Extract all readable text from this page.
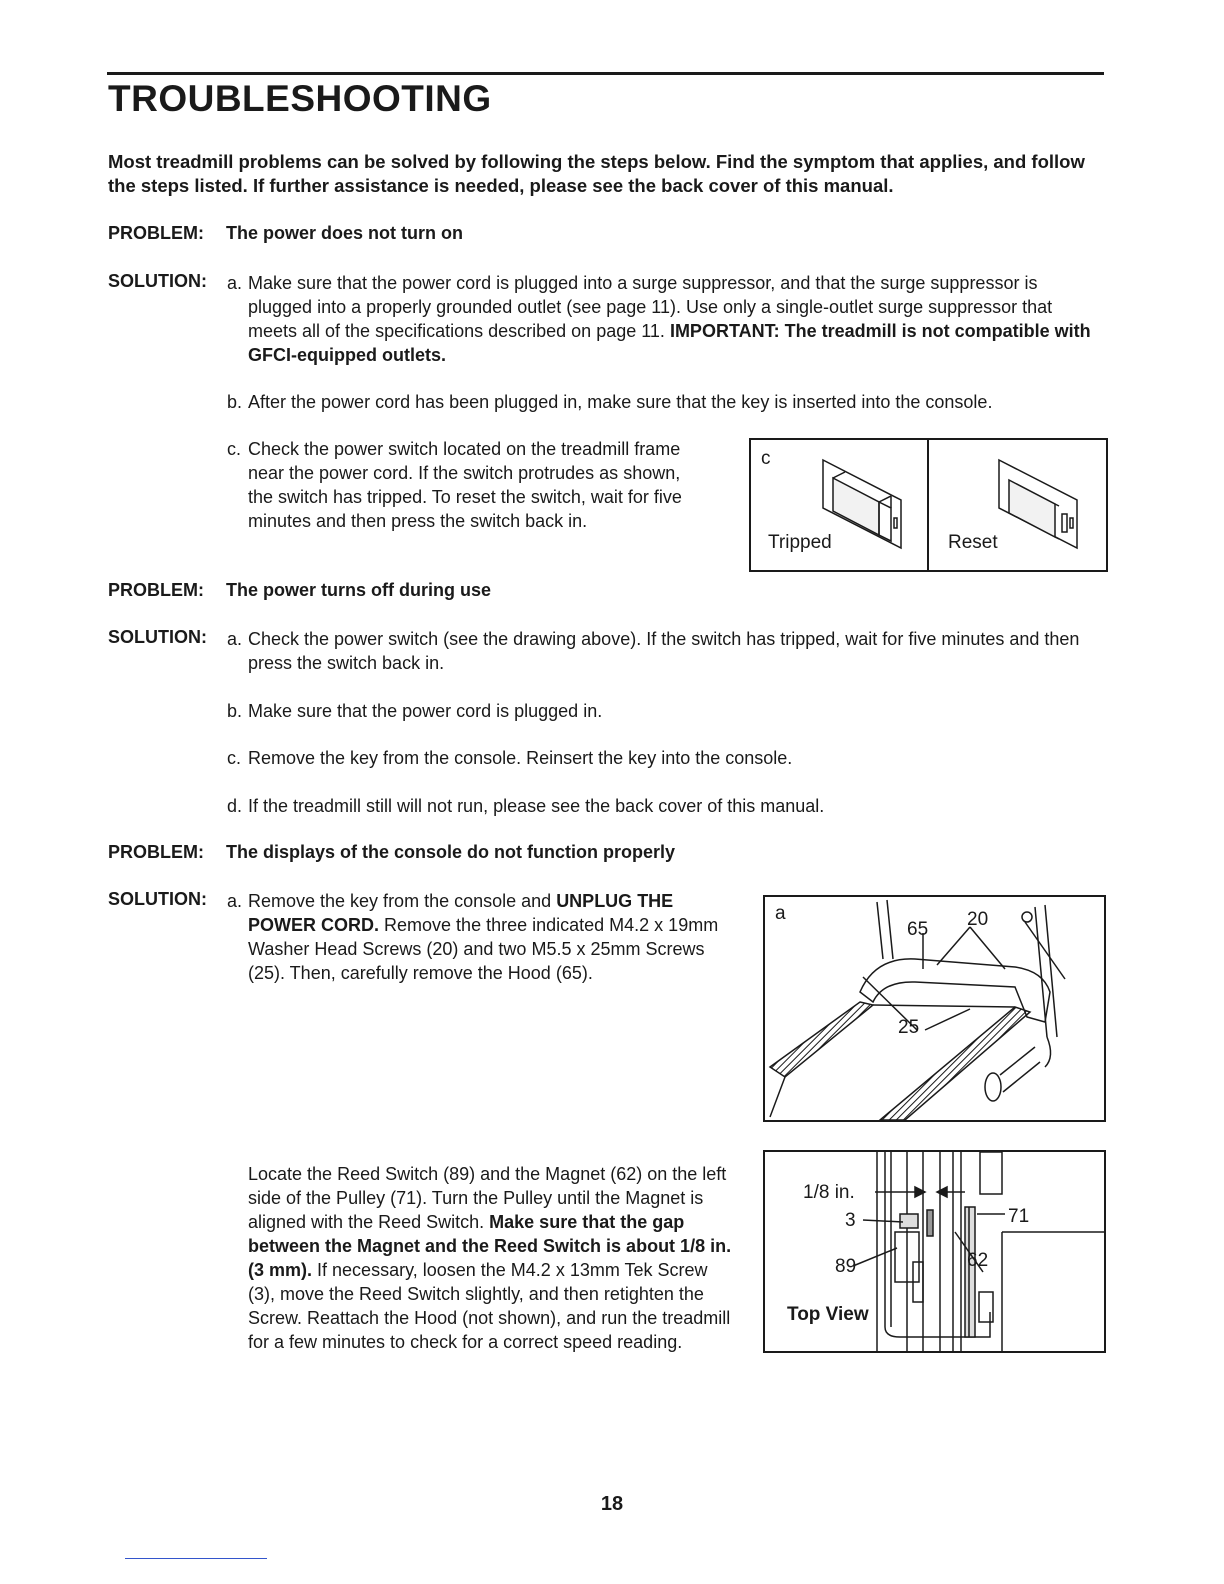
TROUBLESHOOTING
Most treadmill problems can be solved by following the steps below. Find the symptom that applies, and follow the steps listed. If further assistance is needed, please see the back cover of this manual.
PROBLEM: The power does not turn on
SOLUTION: a. Make sure that the power cord is plugged into a surge suppressor, and that the surge suppressor is plugged into a properly grounded outlet (see page 11). Use only a single-outlet surge suppressor that meets all of the specifications described on page 11. IMPORTANT: The treadmill is not compatible with GFCI-equipped outlets.
b. After the power cord has been plugged in, make sure that the key is inserted into the console.
c. Check the power switch located on the treadmill frame near the power cord. If the switch protrudes as shown, the switch has tripped. To reset the switch, wait for five minutes and then press the switch back in.
c
Tripped	Reset
PROBLEM: The power turns off during use
SOLUTION: a. Check the power switch (see the drawing above). If the switch has tripped, wait for five minutes and then press the switch back in.
b. Make sure that the power cord is plugged in.
c. Remove the key from the console. Reinsert the key into the console.
d. If the treadmill still will not run, please see the back cover of this manual.
PROBLEM: The displays of the console do not function properly
SOLUTION: a. Remove the key from the console and UNPLUG THE POWER CORD. Remove the three indicated M4.2 x 19mm Washer Head Screws (20) and two M5.5 x 25mm Screws (25). Then, carefully remove the Hood (65).
a
65 20
25
Locate the Reed Switch (89) and the Magnet (62) on the left side of the Pulley (71). Turn the Pulley until the Magnet is aligned with the Reed Switch. Make sure that the gap between the Magnet and the Reed Switch is about 1/8 in. (3 mm). If necessary, loosen the M4.2 x 13mm Tek Screw (3), move the Reed Switch slightly, and then retighten the Screw. Reattach the Hood (not shown), and run the treadmill for a few minutes to check for a correct speed reading.
1/8 in.
3
89
71
62
Top View
18
